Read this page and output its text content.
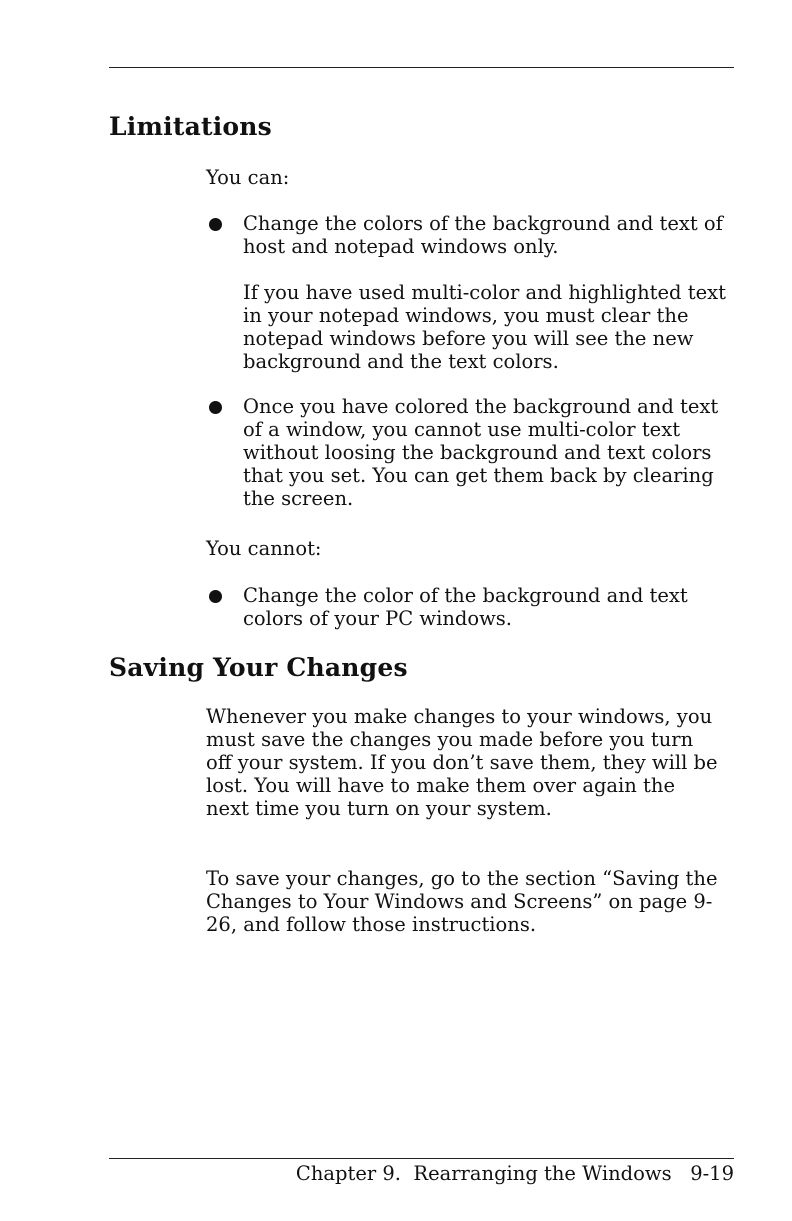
Limitations

You can:

Change the colors of the background and text of host and notepad windows only.

If you have used multi-color and highlighted text in your notepad windows, you must clear the notepad windows before you will see the new background and the text colors.

Once you have colored the background and text of a window, you cannot use multi-color text without loosing the background and text colors that you set. You can get them back by clearing the screen.

You cannot:

Change the color of the background and text colors of your PC windows.

Saving Your Changes

Whenever you make changes to your windows, you must save the changes you made before you turn off your system. If you don’t save them, they will be lost. You will have to make them over again the next time you turn on your system.

To save your changes, go to the section “Saving the Changes to Your Windows and Screens” on page 9-26, and follow those instructions.

Chapter 9.  Rearranging the Windows 9-19
